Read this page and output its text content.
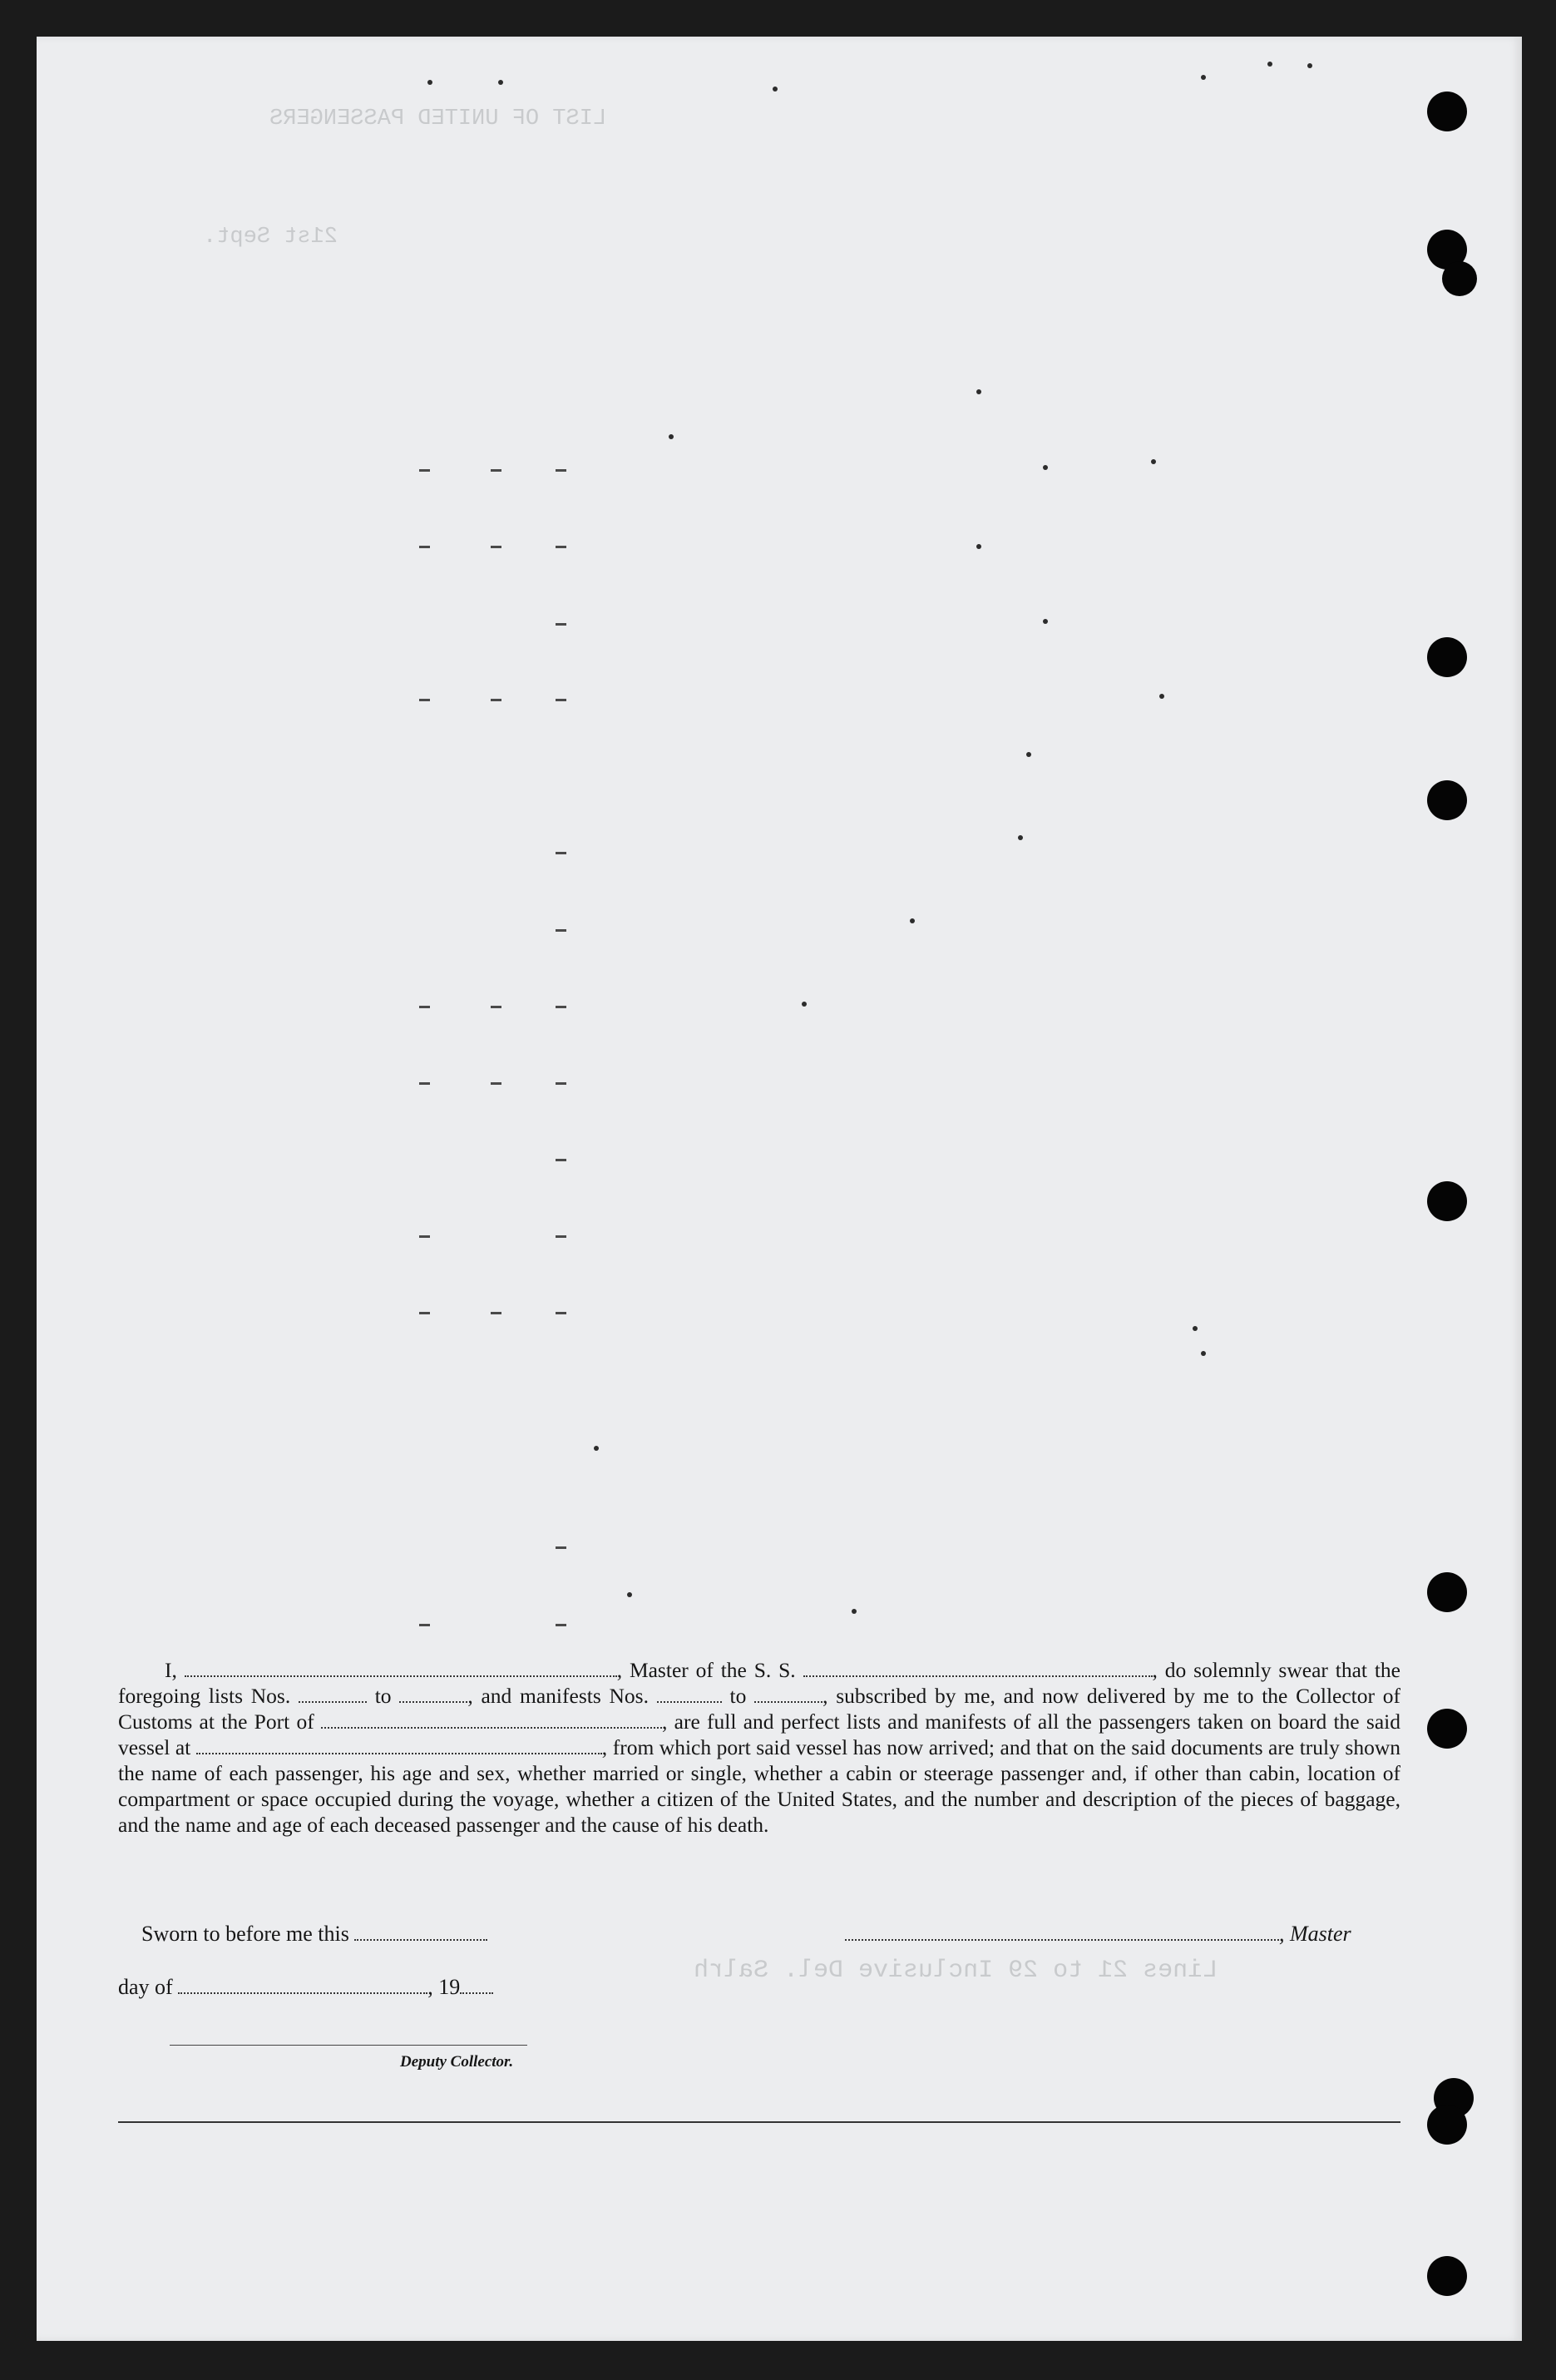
LIST OF UNITED PASSENGERS
21st Sept.
Lines 21 to 29 Inclusive Del. Salrh

I,	, Master of the S. S.	, do solemnly swear that the foregoing lists Nos.	to	, and manifests Nos.	to	, subscribed by me, and now delivered by me to the Collector of Customs at the Port of	, are full and perfect lists and manifests of all the passengers taken on board the said vessel at	, from which port said vessel has now arrived; and that on the said documents are truly shown the name of each passenger, his age and sex, whether married or single, whether a cabin or steerage passenger and, if other than cabin, location of compartment or space occupied during the voyage, whether a citizen of the United States, and the number and description of the pieces of baggage, and the name and age of each deceased passenger and the cause of his death.

Sworn to before me this	, Master
day of	, 19
Deputy Collector.
